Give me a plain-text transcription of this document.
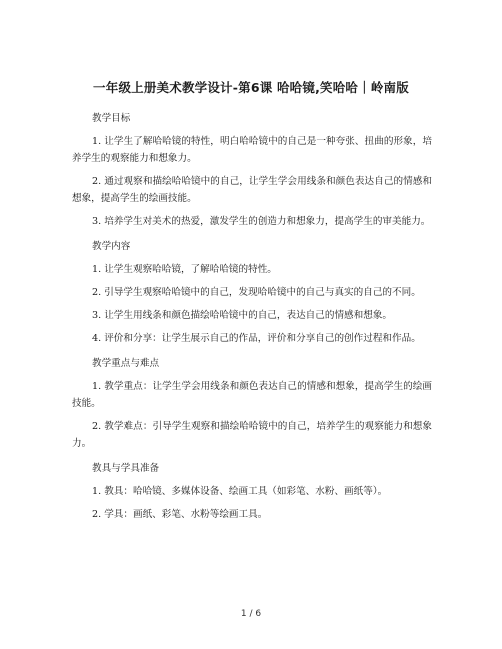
一年级上册美术教学设计-第6课 哈哈镜,笑哈哈｜岭南版

教学目标

1. 让学生了解哈哈镜的特性，明白哈哈镜中的自己是一种夸张、扭曲的形象，培养学生的观察能力和想象力。

2. 通过观察和描绘哈哈镜中的自己，让学生学会用线条和颜色表达自己的情感和想象，提高学生的绘画技能。

3. 培养学生对美术的热爱，激发学生的创造力和想象力，提高学生的审美能力。

教学内容

1. 让学生观察哈哈镜，了解哈哈镜的特性。

2. 引导学生观察哈哈镜中的自己，发现哈哈镜中的自己与真实的自己的不同。

3. 让学生用线条和颜色描绘哈哈镜中的自己，表达自己的情感和想象。

4. 评价和分享：让学生展示自己的作品，评价和分享自己的创作过程和作品。

教学重点与难点

1. 教学重点：让学生学会用线条和颜色表达自己的情感和想象，提高学生的绘画技能。

2. 教学难点：引导学生观察和描绘哈哈镜中的自己，培养学生的观察能力和想象力。

教具与学具准备

1. 教具：哈哈镜、多媒体设备、绘画工具（如彩笔、水粉、画纸等）。

2. 学具：画纸、彩笔、水粉等绘画工具。

1 / 6
